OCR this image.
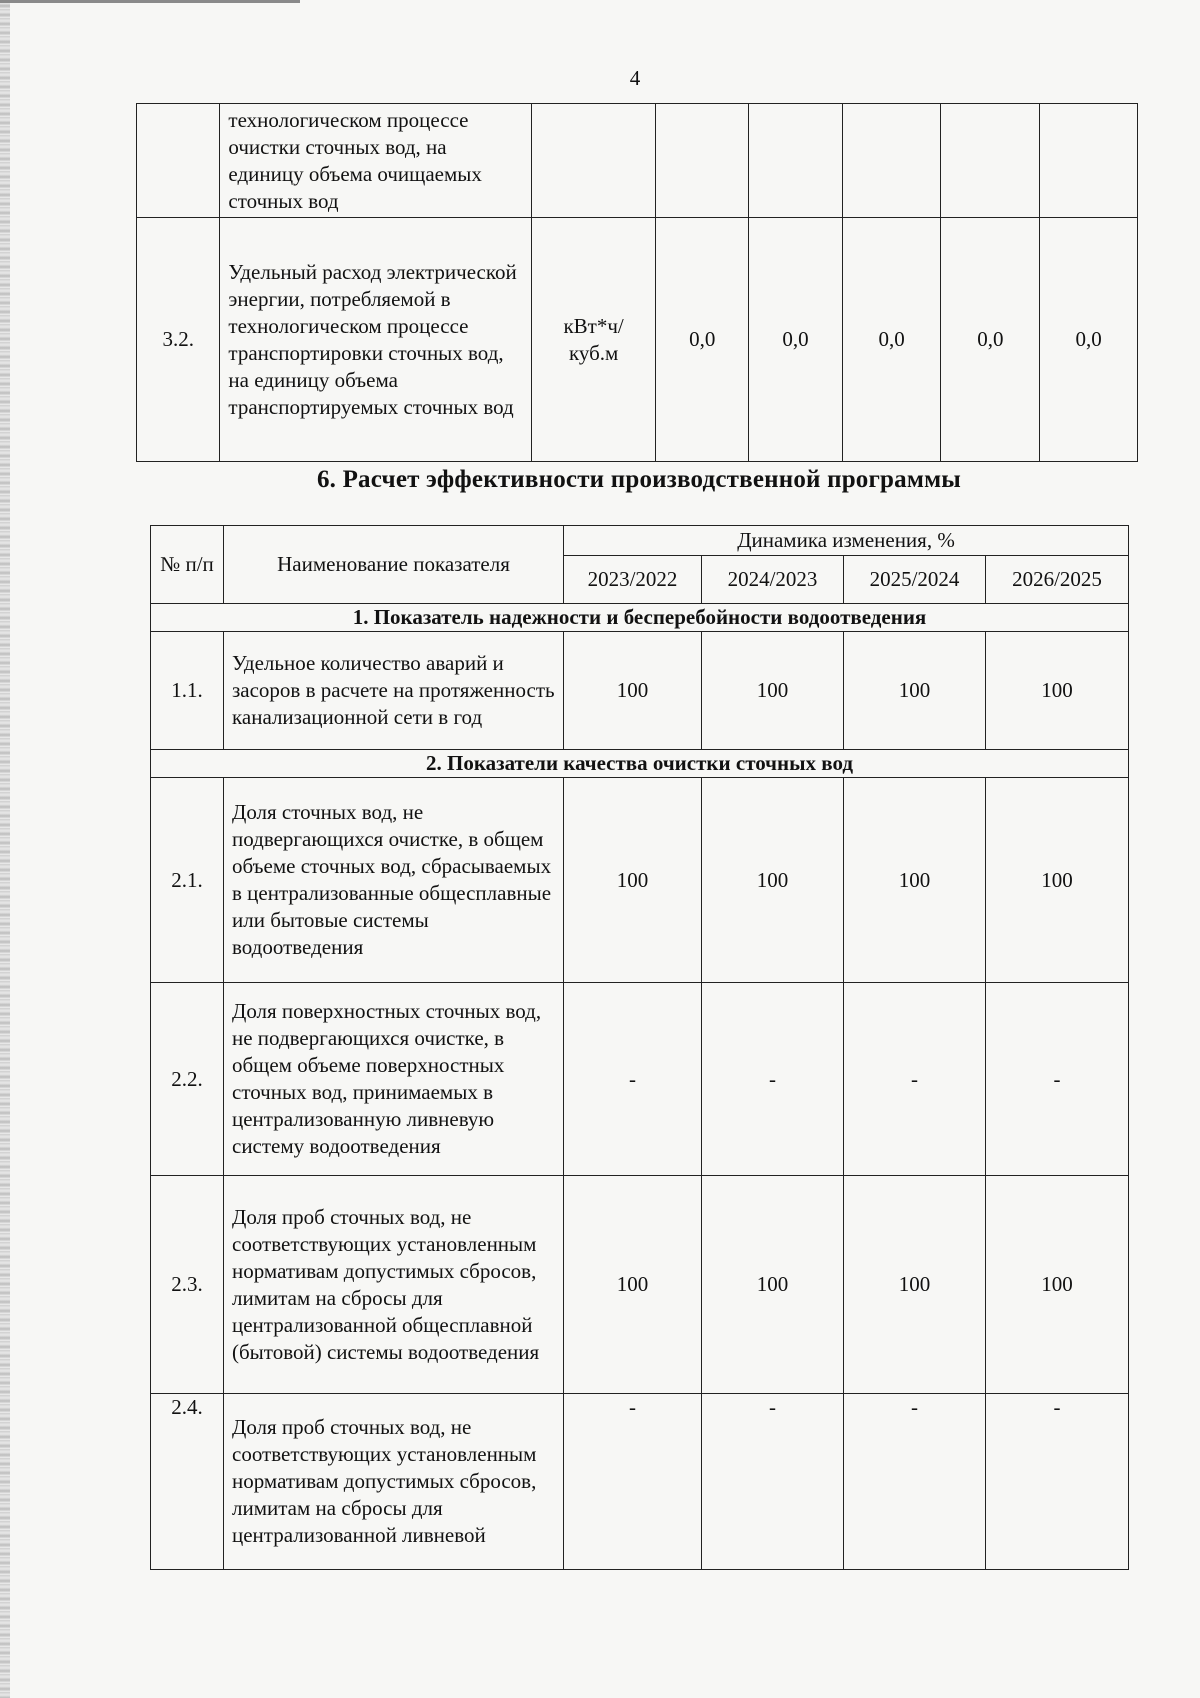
4
	технологическом процессе очистки сточных вод, на единицу объема очищаемых сточных вод						
3.2.	Удельный расход электрической энергии, потребляемой в технологическом процессе транспортировки сточных вод, на единицу объема транспортируемых сточных вод	кВт*ч/ куб.м	0,0	0,0	0,0	0,0	0,0
6. Расчет эффективности производственной программы
№ п/п	Наименование показателя	Динамика изменения, %			
		2023/2022	2024/2023	2025/2024	2026/2025
1. Показатель надежности и бесперебойности водоотведения					
1.1.	Удельное количество аварий и засоров в расчете на протяженность канализационной сети в год	100	100	100	100
2. Показатели качества очистки сточных вод					
2.1.	Доля сточных вод, не подвергающихся очистке, в общем объеме сточных вод, сбрасываемых в централизованные общесплавные или бытовые системы водоотведения	100	100	100	100
2.2.	Доля поверхностных сточных вод, не подвергающихся очистке, в общем объеме поверхностных сточных вод, принимаемых в централизованную ливневую систему водоотведения	-	-	-	-
2.3.	Доля проб сточных вод, не соответствующих установленным нормативам допустимых сбросов, лимитам на сбросы для централизованной общесплавной (бытовой) системы водоотведения	100	100	100	100
2.4.	Доля проб сточных вод, не соответствующих установленным нормативам допустимых сбросов, лимитам на сбросы для централизованной ливневой	-	-	-	-
